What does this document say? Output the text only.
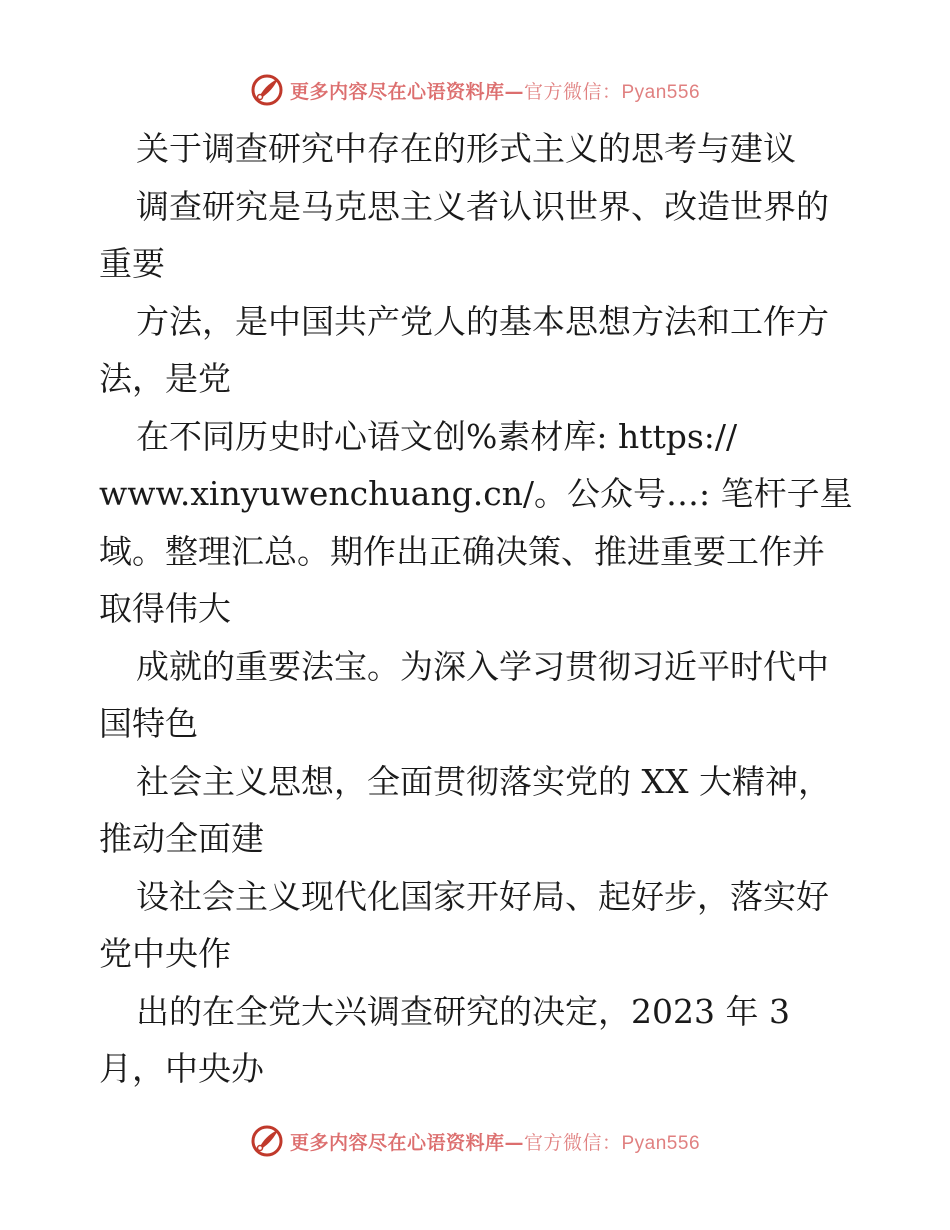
更多内容尽在心语资料库—官方微信：Pyan556
关于调查研究中存在的形式主义的思考与建议
调查研究是马克思主义者认识世界、改造世界的
重要
方法，是中国共产党人的基本思想方法和工作方
法，是党
在不同历史时心语文创%素材库: https://
www.xinyuwenchuang.cn/。公众号…: 笔杆子星
域。整理汇总。期作出正确决策、推进重要工作并
取得伟大
成就的重要法宝。为深入学习贯彻习近平时代中
国特色
社会主义思想，全面贯彻落实党的 XX 大精神，
推动全面建
设社会主义现代化国家开好局、起好步，落实好
党中央作
出的在全党大兴调查研究的决定，2023 年 3
月，中央办
更多内容尽在心语资料库—官方微信：Pyan556
